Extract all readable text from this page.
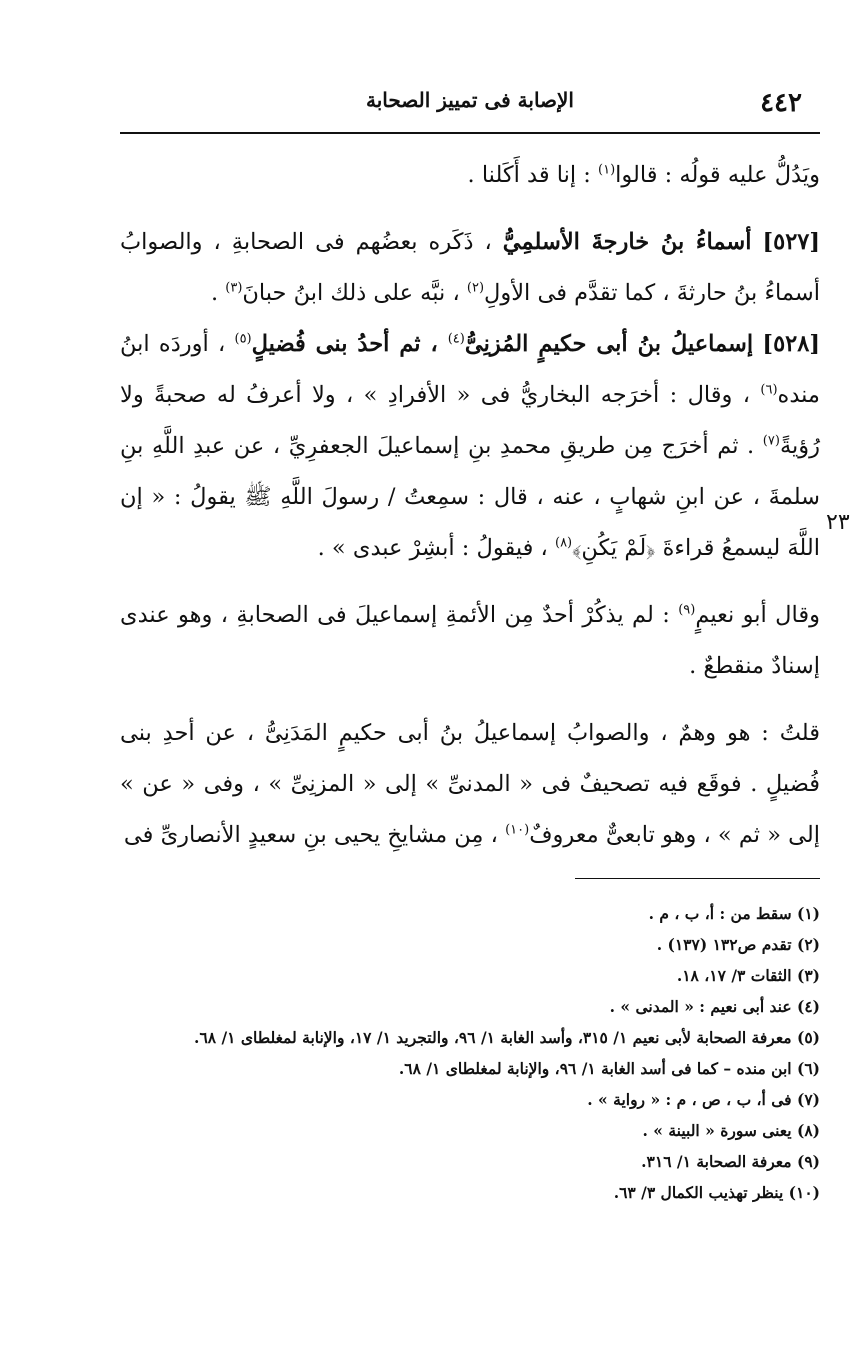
٤٤٢
الإصابة فى تمييز الصحابة

ويَدُلُّ عليه قولُه : قالوا$^{(١)}$ : إنا قد أَكَلنا .

[٥٢٧] أسماءُ بنُ خارجةَ الأسلمِيُّ ، ذَكَره بعضُهم فى الصحابةِ ، والصوابُ أسماءُ بنُ حارثةَ ، كما تقدَّم فى الأولِ$^{(٢)}$ ، نبَّه على ذلك ابنُ حبانَ$^{(٣)}$ .

[٥٢٨] إسماعيلُ بنُ أبى حكيمٍ المُزنِىُّ$^{(٤)}$ ، ثم أحدُ بنى فُضيلٍ$^{(٥)}$ ، أوردَه ابنُ منده$^{(٦)}$ ، وقال : أخرَجه البخاريُّ فى « الأفرادِ » ، ولا أعرفُ له صحبةً ولا رُؤيةً$^{(٧)}$ . ثم أخرَج مِن طريقِ محمدِ بنِ إسماعيلَ الجعفرِيِّ ، عن عبدِ اللَّهِ بنِ سلمةَ ، عن ابنِ شهابٍ ، عنه ، قال : سمِعتُ / رسولَ اللَّهِ ﷺ يقولُ : « إن اللَّهَ ليسمعُ قراءةَ ﴿لَمْ يَكُنِ﴾$^{(٨)}$ ، فيقولُ : أبشِرْ عبدى » .

وقال أبو نعيمٍ$^{(٩)}$ : لم يذكُرْ أحدٌ مِن الأئمةِ إسماعيلَ فى الصحابةِ ، وهو عندى إسنادٌ منقطعٌ .

قلتُ : هو وهمٌ ، والصوابُ إسماعيلُ بنُ أبى حكيمٍ المَدَنِىُّ ، عن أحدِ بنى فُضيلٍ . فوقَع فيه تصحيفٌ فى « المدنىِّ » إلى « المزنِىِّ » ، وفى « عن » إلى « ثم » ، وهو تابعىٌّ معروفٌ$^{(١٠)}$ ، مِن مشايخِ يحيى بنِ سعيدٍ الأنصارىِّ فى

٢٣
(١) سقط من : أ، ب ، م .
(٢) تقدم ص١٣٢ (١٣٧) .
(٣) الثقات ٣/ ١٧، ١٨.
(٤) عند أبى نعيم : « المدنى » .
(٥) معرفة الصحابة لأبى نعيم ١/ ٣١٥، وأسد الغابة ١/ ٩٦، والتجريد ١/ ١٧، والإنابة لمغلطاى ١/ ٦٨.
(٦) ابن منده – كما فى أسد الغابة ١/ ٩٦، والإنابة لمغلطاى ١/ ٦٨.
(٧) فى أ، ب ، ص ، م : « رواية » .
(٨) يعنى سورة « البينة » .
(٩) معرفة الصحابة ١/ ٣١٦.
(١٠) ينظر تهذيب الكمال ٣/ ٦٣.
